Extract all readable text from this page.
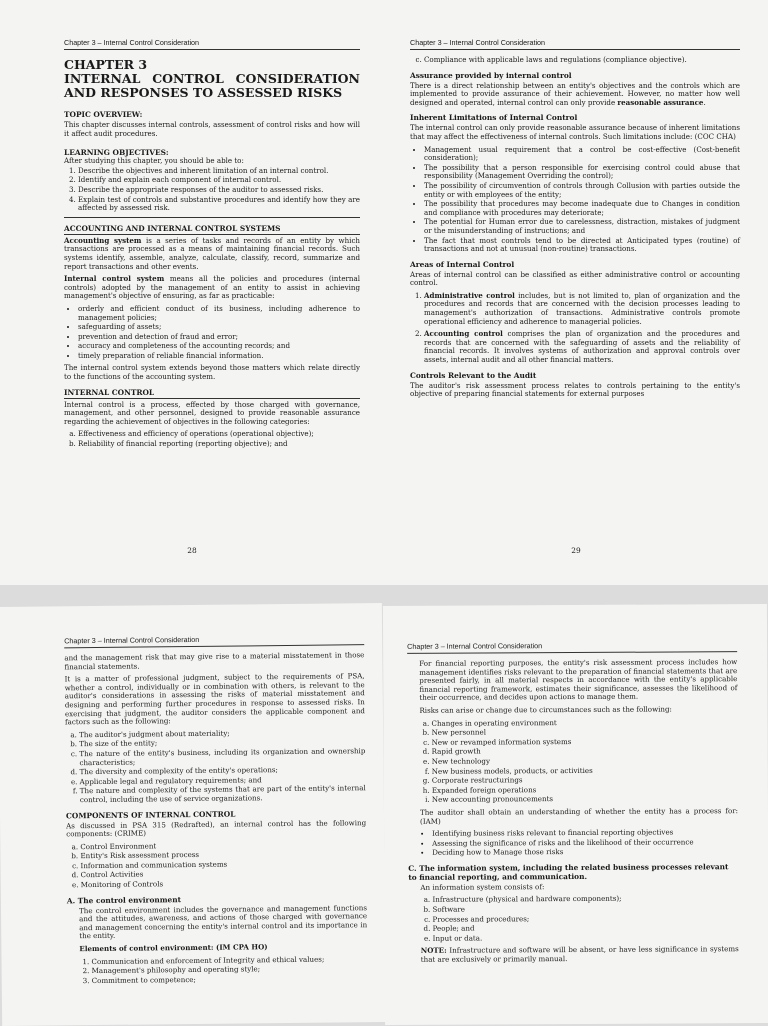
Chapter 3 – Internal Control Consideration
CHAPTER 3
INTERNAL CONTROL CONSIDERATION AND RESPONSES TO ASSESSED RISKS
TOPIC OVERVIEW:

This chapter discusses internal controls, assessment of control risks and how will it affect audit procedures.

LEARNING OBJECTIVES:

After studying this chapter, you should be able to:

1. Describe the objectives and inherent limitation of an internal control.
2. Identify and explain each component of internal control.
3. Describe the appropriate responses of the auditor to assessed risks.
4. Explain test of controls and substantive procedures and identify how they are affected by assessed risk.
ACCOUNTING AND INTERNAL CONTROL SYSTEMS

Accounting system is a series of tasks and records of an entity by which transactions are processed as a means of maintaining financial records. Such systems identify, assemble, analyze, calculate, classify, record, summarize and report transactions and other events.

Internal control system means all the policies and procedures (internal controls) adopted by the management of an entity to assist in achieving management's objective of ensuring, as far as practicable:

• orderly and efficient conduct of its business, including adherence to management policies;
• safeguarding of assets;
• prevention and detection of fraud and error;
• accuracy and completeness of the accounting records; and
• timely preparation of reliable financial information.

The internal control system extends beyond those matters which relate directly to the functions of the accounting system.

INTERNAL CONTROL

Internal control is a process, effected by those charged with governance, management, and other personnel, designed to provide reasonable assurance regarding the achievement of objectives in the following categories:

a. Effectiveness and efficiency of operations (operational objective);
b. Reliability of financial reporting (reporting objective); and
28
Chapter 3 – Internal Control Consideration
c. Compliance with applicable laws and regulations (compliance objective).
Assurance provided by internal control

There is a direct relationship between an entity's objectives and the controls which are implemented to provide assurance of their achievement. However, no matter how well designed and operated, internal control can only provide reasonable assurance.

Inherent Limitations of Internal Control

The internal control can only provide reasonable assurance because of inherent limitations that may affect the effectiveness of internal controls. Such limitations include: (COC CHA)

• Management usual requirement that a control be cost-effective (Cost-benefit consideration);
• The possibility that a person responsible for exercising control could abuse that responsibility (Management Overriding the control);
• The possibility of circumvention of controls through Collusion with parties outside the entity or with employees of the entity;
• The possibility that procedures may become inadequate due to Changes in condition and compliance with procedures may deteriorate;
• The potential for Human error due to carelessness, distraction, mistakes of judgment or the misunderstanding of instructions; and
• The fact that most controls tend to be directed at Anticipated types (routine) of transactions and not at unusual (non-routine) transactions.
Areas of Internal Control

Areas of internal control can be classified as either administrative control or accounting control.

1. Administrative control includes, but is not limited to, plan of organization and the procedures and records that are concerned with the decision processes leading to management's authorization of transactions. Administrative controls promote operational efficiency and adherence to managerial policies.
2. Accounting control comprises the plan of organization and the procedures and records that are concerned with the safeguarding of assets and the reliability of financial records. It involves systems of authorization and approval controls over assets, internal audit and all other financial matters.
Controls Relevant to the Audit

The auditor's risk assessment process relates to controls pertaining to the entity's objective of preparing financial statements for external purposes

29
Chapter 3 – Internal Control Consideration

and the management risk that may give rise to a material misstatement in those financial statements.

It is a matter of professional judgment, subject to the requirements of PSA, whether a control, individually or in combination with others, is relevant to the auditor's considerations in assessing the risks of material misstatement and designing and performing further procedures in response to assessed risks. In exercising that judgment, the auditor considers the applicable component and factors such as the following:

a. The auditor's judgment about materiality;
b. The size of the entity;
c. The nature of the entity's business, including its organization and ownership characteristics;
d. The diversity and complexity of the entity's operations;
e. Applicable legal and regulatory requirements; and
f. The nature and complexity of the systems that are part of the entity's internal control, including the use of service organizations.
COMPONENTS OF INTERNAL CONTROL

As discussed in PSA 315 (Redrafted), an internal control has the following components: (CRIME)

a. Control Environment
b. Entity's Risk assessment process
c. Information and communication systems
d. Control Activities
e. Monitoring of Controls
A. The control environment

The control environment includes the governance and management functions and the attitudes, awareness, and actions of those charged with governance and management concerning the entity's internal control and its importance in the entity.

Elements of control environment: (IM CPA HO)

1. Communication and enforcement of Integrity and ethical values;
2. Management's philosophy and operating style;
3. Commitment to competence;
Chapter 3 – Internal Control Consideration

For financial reporting purposes, the entity's risk assessment process includes how management identifies risks relevant to the preparation of financial statements that are presented fairly, in all material respects in accordance with the entity's applicable financial reporting framework, estimates their significance, assesses the likelihood of their occurrence, and decides upon actions to manage them.

Risks can arise or change due to circumstances such as the following:

a. Changes in operating environment
b. New personnel
c. New or revamped information systems
d. Rapid growth
e. New technology
f. New business models, products, or activities
g. Corporate restructurings
h. Expanded foreign operations
i. New accounting pronouncements

The auditor shall obtain an understanding of whether the entity has a process for: (IAM)

• Identifying business risks relevant to financial reporting objectives
• Assessing the significance of risks and the likelihood of their occurrence
• Deciding how to Manage those risks
C. The information system, including the related business processes relevant to financial reporting, and communication.

An information system consists of:

a. Infrastructure (physical and hardware components);
b. Software
c. Processes and procedures;
d. People; and
e. Input or data.

NOTE: Infrastructure and software will be absent, or have less significance in systems that are exclusively or primarily manual.
